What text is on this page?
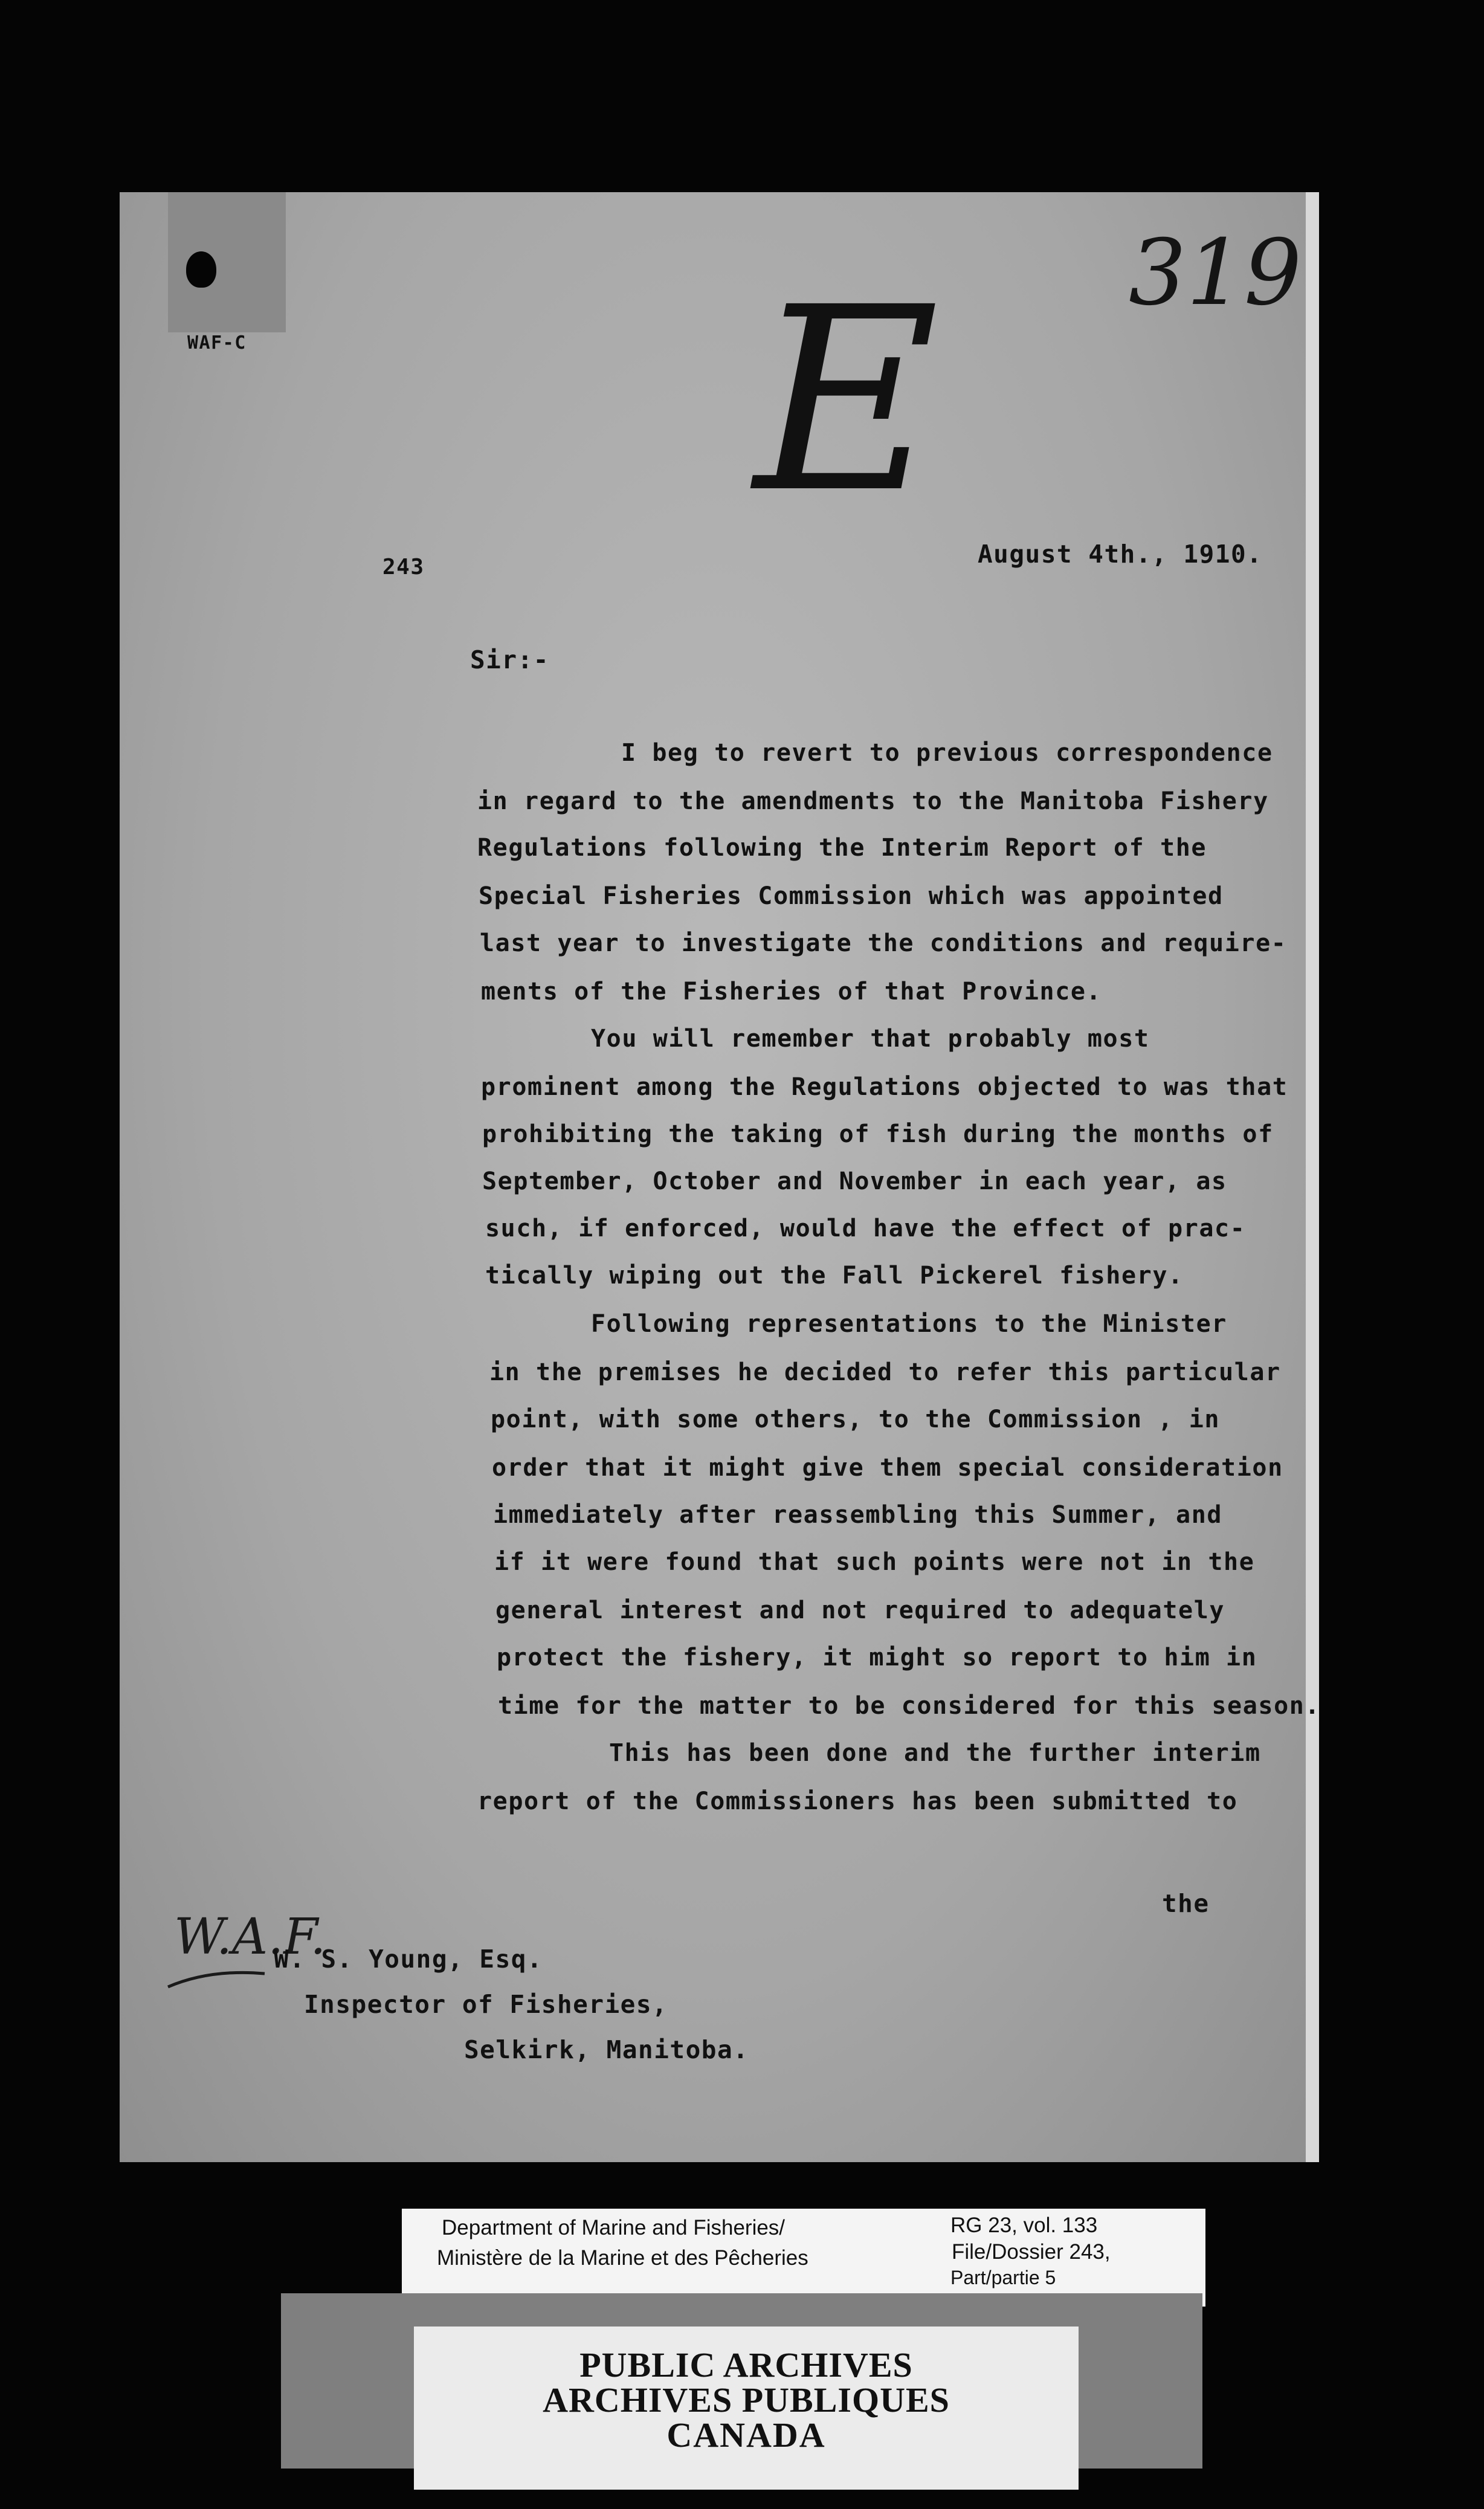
WAF-C
319
E
243	August 4th., 1910.
Sir:-
I beg to revert to previous correspondence
in regard to the amendments to the Manitoba Fishery
Regulations following the Interim Report of the
Special Fisheries Commission which was appointed
last year to investigate the conditions and require-
ments of the Fisheries of that Province.
You will remember that probably most
prominent among the Regulations objected to was that
prohibiting the taking of fish during the months of
September, October and November in each year, as
such, if enforced, would have the effect of prac-
tically wiping out the Fall Pickerel fishery.
Following representations to the Minister
in the premises he decided to refer this particular
point, with some others, to the Commission , in
order that it might give them special consideration
immediately after reassembling this Summer, and
if it were found that such points were not in the
general interest and not required to adequately
protect the fishery, it might so report to him in
time for the matter to be considered for this season.
This has been done and the further interim
report of the Commissioners has been submitted to
the
W.A.F.
W. S. Young, Esq.
Inspector of Fisheries,
Selkirk, Manitoba.
Department of Marine and Fisheries/
Ministère de la Marine et des Pêcheries
RG 23, vol. 133
File/Dossier 243,
Part/partie 5
PUBLIC ARCHIVES
ARCHIVES PUBLIQUES
CANADA
